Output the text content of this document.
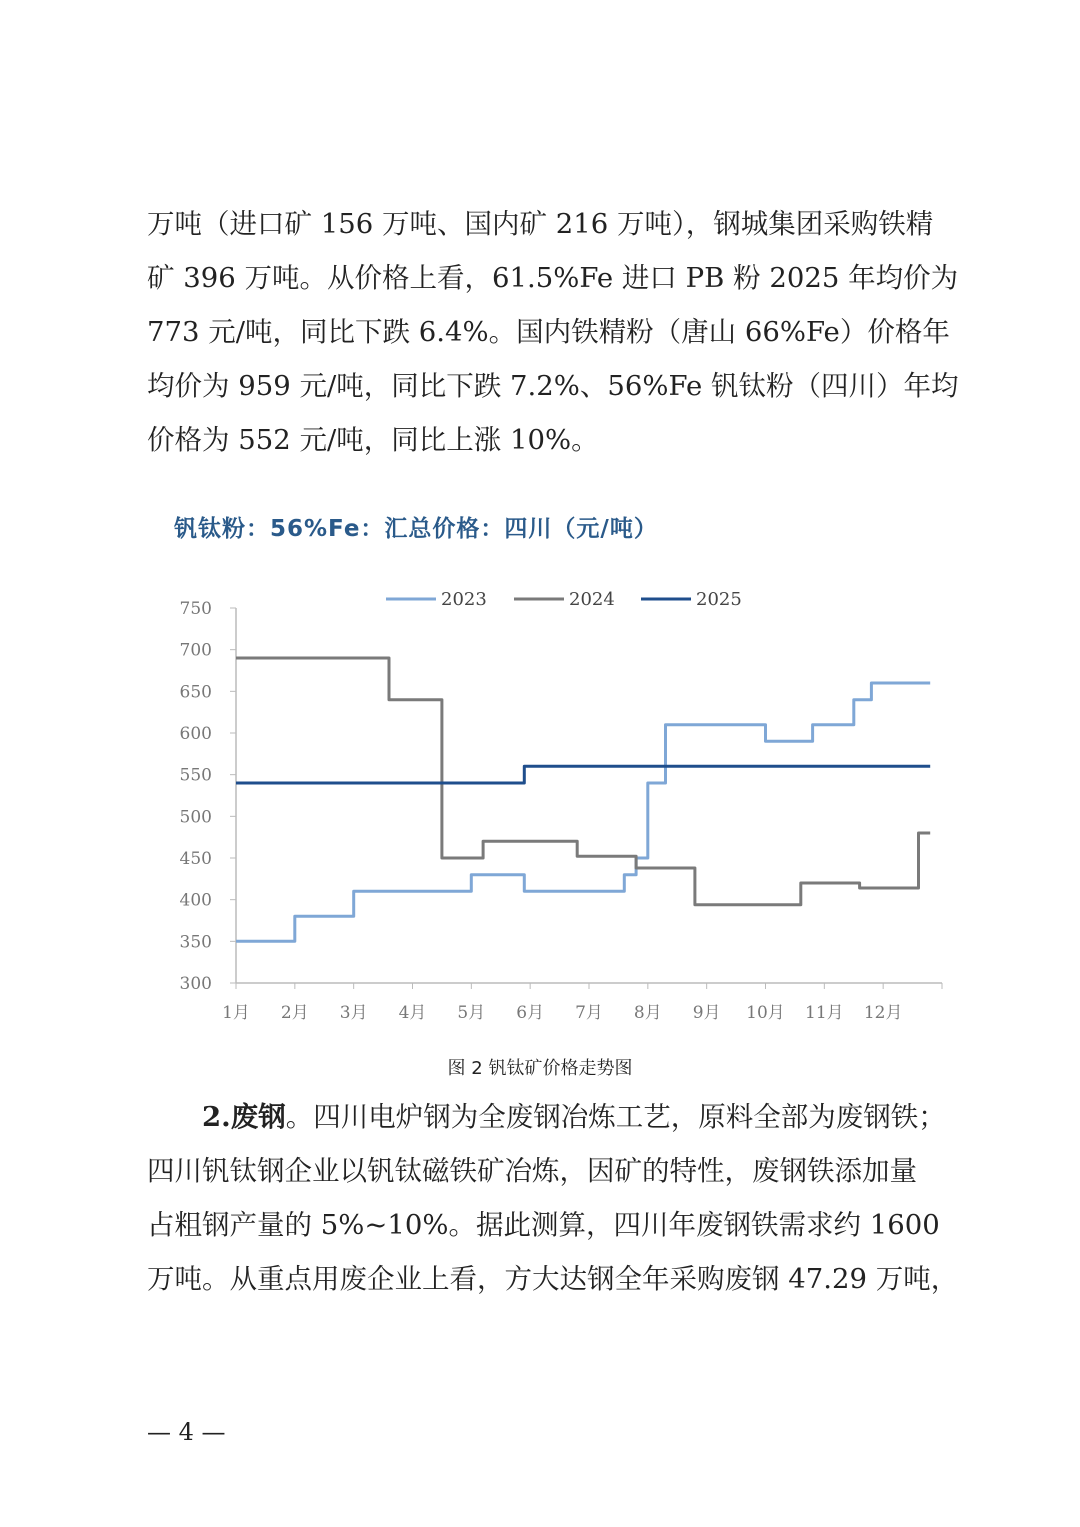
万吨（进口矿 156 万吨、国内矿 216 万吨），钢城集团采购铁精
矿 396 万吨。从价格上看，61.5%Fe 进口 PB 粉 2025 年均价为
773 元/吨，同比下跌 6.4%。国内铁精粉（唐山 66%Fe）价格年
均价为 959 元/吨，同比下跌 7.2%、56%Fe 钒钛粉（四川）年均
价格为 552 元/吨，同比上涨 10%。
钒钛粉：56%Fe：汇总价格：四川（元/吨）
300
350
400
450
500
550
600
650
700
750
1月 2月 3月 4月 5月 6月 7月 8月 9月 10月 11月 12月
2023	2024	2025
图 2 钒钛矿价格走势图
2.废钢 。四川电炉钢为全废钢冶炼工艺，原料全部为废钢铁；
四川钒钛钢企业以钒钛磁铁矿冶炼，因矿的特性，废钢铁添加量
占粗钢产量的 5%~10%。据此测算，四川年废钢铁需求约 1600
万吨。从重点用废企业上看，方大达钢全年采购废钢 47.29 万吨，
— 4 —
